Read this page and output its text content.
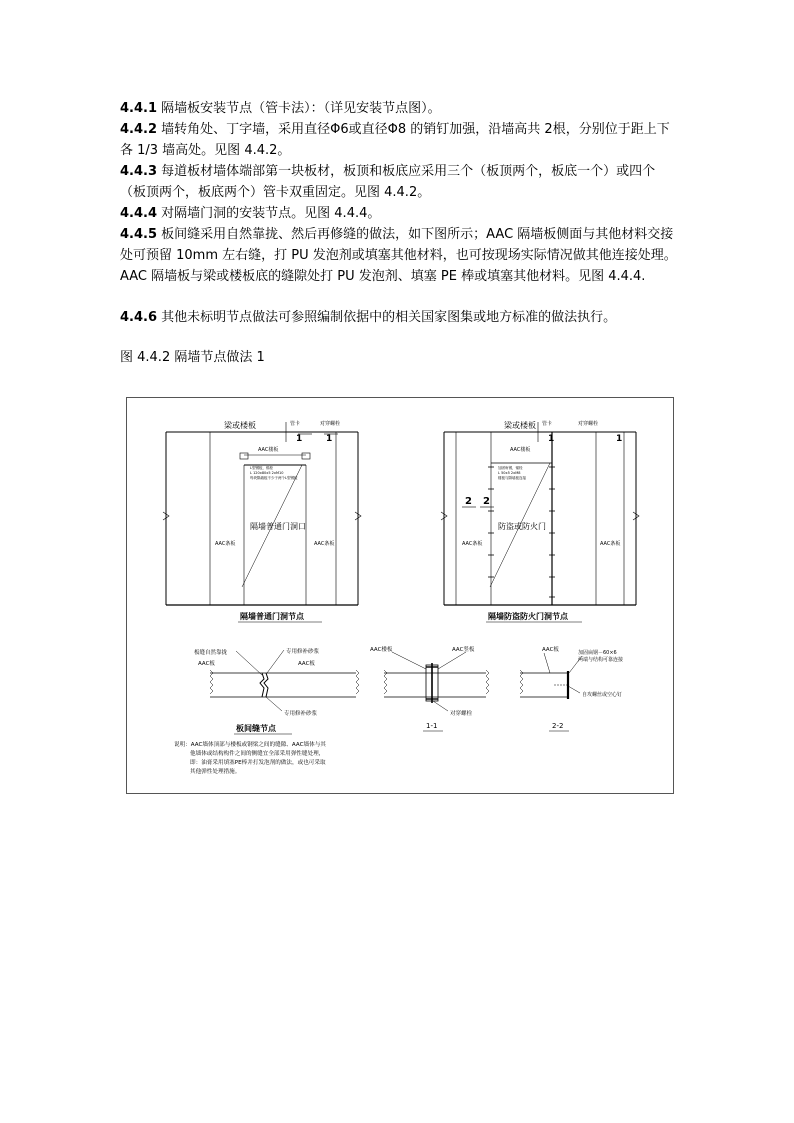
4.4.1 隔墙板安装节点（管卡法）：（详见安装节点图）。

4.4.2 墙转角处、丁字墙，采用直径Φ6或直径Φ8 的销钉加强，沿墙高共 2根，分别位于距上下各 1/3 墙高处。见图 4.4.2。

4.4.3 每道板材墙体端部第一块板材，板顶和板底应采用三个（板顶两个，板底一个）或四个（板顶两个，板底两个）管卡双重固定。见图 4.4.2。

4.4.4 对隔墙门洞的安装节点。见图 4.4.4。

4.4.5 板间缝采用自然靠拢、然后再修缝的做法，如下图所示；AAC 隔墙板侧面与其他材料交接处可预留 10mm 左右缝，打 PU 发泡剂或填塞其他材料，也可按现场实际情况做其他连接处理。AAC 隔墙板与梁或楼板底的缝隙处打 PU 发泡剂、填塞 PE 棒或填塞其他材料。见图 4.4.4.

4.4.6 其他未标明节点做法可参照编制依据中的相关国家图集或地方标准的做法执行。

图 4.4.2 隔墙节点做法 1
梁或楼板	管卡	对穿螺栓
1	1
AAC楼板
L型钢板，锚栓
L 120x80x5 2xM10
每块隔墙板不少于两个L型钢板
隔墙普通门洞口
AAC条板	AAC条板
隔墙普通门洞节点
梁或楼板 管卡	对穿螺栓
1	1
AAC楼板
加固角钢，锚栓
L 50x5 2xM8
楼板与隔墙板连接
2 2
防盗或防火门
AAC条板	AAC条板
隔墙防盗防火门洞节点
板缝自然靠拢
AAC板
专用修补砂浆
AAC板
专用修补砂浆
板间缝节点
AAC楼板	AAC竖板
对穿螺栓
1-1
AAC板	加固扁钢－60×6
两端与结构可靠连接
自攻螺丝或空心钉
2-2
说明：AAC墙体顶部与楼板或钢梁之间的缝隙、AAC墙体与其
他墙体或结构构件之间的侧缝宜全部采用弹性缝处理，
即：油膏采用填塞PE棒并打发泡剂的做法，或也可采取
其他弹性处理措施。
